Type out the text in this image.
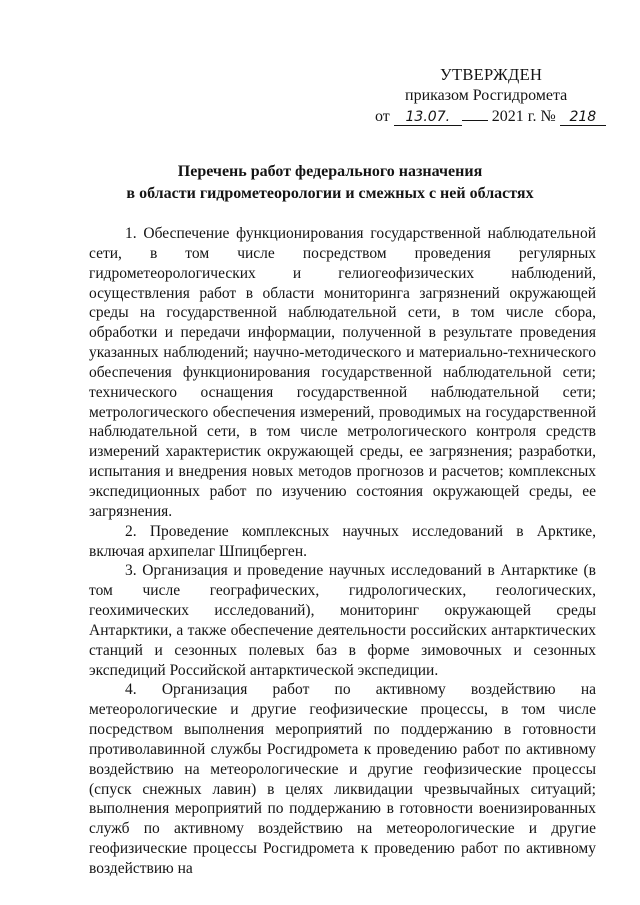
УТВЕРЖДЕН
приказом Росгидромета
от 13.07.	2021 г. № 218
Перечень работ федерального назначения
в области гидрометеорологии и смежных с ней областях

1. Обеспечение функционирования государственной наблюдательной сети, в том числе посредством проведения регулярных гидрометеорологических и гелиогеофизических наблюдений, осуществления работ в области мониторинга загрязнений окружающей среды на государственной наблюдательной сети, в том числе сбора, обработки и передачи информации, полученной в результате проведения указанных наблюдений; научно-методического и материально-технического обеспечения функционирования государственной наблюдательной сети; технического оснащения государственной наблюдательной сети; метрологического обеспечения измерений, проводимых на государственной наблюдательной сети, в том числе метрологического контроля средств измерений характеристик окружающей среды, ее загрязнения; разработки, испытания и внедрения новых методов прогнозов и расчетов; комплексных экспедиционных работ по изучению состояния окружающей среды, ее загрязнения.

2. Проведение комплексных научных исследований в Арктике, включая архипелаг Шпицберген.

3. Организация и проведение научных исследований в Антарктике (в том числе географических, гидрологических, геологических, геохимических исследований), мониторинг окружающей среды Антарктики, а также обеспечение деятельности российских антарктических станций и сезонных полевых баз в форме зимовочных и сезонных экспедиций Российской антарктической экспедиции.

4. Организация работ по активному воздействию на метеорологические и другие геофизические процессы, в том числе посредством выполнения мероприятий по поддержанию в готовности противолавинной службы Росгидромета к проведению работ по активному воздействию на метеорологические и другие геофизические процессы (спуск снежных лавин) в целях ликвидации чрезвычайных ситуаций; выполнения мероприятий по поддержанию в готовности военизированных служб по активному воздействию на метеорологические и другие геофизические процессы Росгидромета к проведению работ по активному воздействию на
